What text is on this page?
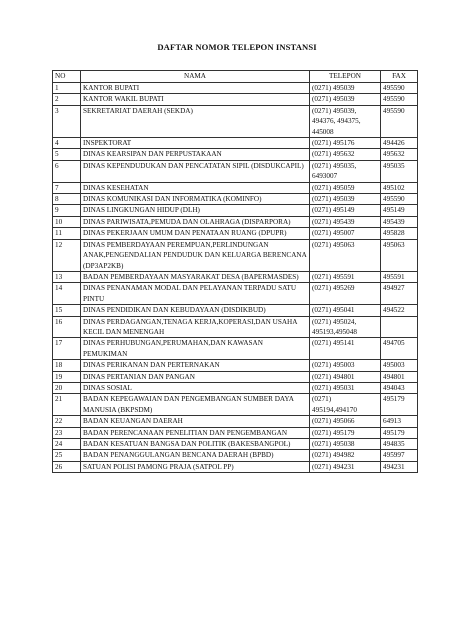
DAFTAR NOMOR TELEPON INSTANSI
NO	NAMA	TELEPON	FAX
1	KANTOR BUPATI	(0271) 495039	495590
2	KANTOR WAKIL BUPATI	(0271) 495039	495590
3	SEKRETARIAT DAERAH (SEKDA)	(0271) 495039,
494376, 494375,
445008	495590
4	INSPEKTORAT	(0271) 495176	494426
5	DINAS KEARSIPAN DAN PERPUSTAKAAN	(0271) 495632	495632
6	DINAS KEPENDUDUKAN DAN PENCATATAN SIPIL (DISDUKCAPIL)	(0271) 495035,
6493007	495035
7	DINAS KESEHATAN	(0271) 495059	495102
8	DINAS KOMUNIKASI DAN INFORMATIKA (KOMINFO)	(0271) 495039	495590
9	DINAS LINGKUNGAN HIDUP (DLH)	(0271) 495149	495149
10	DINAS PARIWISATA,PEMUDA DAN OLAHRAGA (DISPARPORA)	(0271) 495439	495439
11	DINAS PEKERJAAN UMUM DAN PENATAAN RUANG (DPUPR)	(0271) 495007	495828
12	DINAS PEMBERDAYAAN PEREMPUAN,PERLINDUNGAN ANAK,PENGENDALIAN PENDUDUK DAN KELUARGA BERENCANA (DP3AP2KB)	(0271) 495063	495063
13	BADAN PEMBERDAYAAN MASYARAKAT DESA (BAPERMASDES)	(0271) 495591	495591
14	DINAS PENANAMAN MODAL DAN PELAYANAN TERPADU SATU PINTU	(0271) 495269	494927
15	DINAS PENDIDIKAN DAN KEBUDAYAAN (DISDIKBUD)	(0271) 495041	494522
16	DINAS PERDAGANGAN,TENAGA KERJA,KOPERASI,DAN USAHA KECIL DAN MENENGAH	(0271) 495024,
495193,495048	

17	DINAS PERHUBUNGAN,PERUMAHAN,DAN KAWASAN PEMUKIMAN	(0271) 495141	494705
18	DINAS PERIKANAN DAN PERTERNAKAN	(0271) 495003	495003
19	DINAS PERTANIAN DAN PANGAN	(0271) 494801	494801
20	DINAS SOSIAL	(0271) 495031	494043
21	BADAN KEPEGAWAIAN DAN PENGEMBANGAN SUMBER DAYA MANUSIA (BKPSDM)	(0271)
495194,494170	495179
22	BADAN KEUANGAN DAERAH	(0271) 495066	64913
23	BADAN PERENCANAAN PENELITIAN DAN PENGEMBANGAN	(0271) 495179	495179
24	BADAN KESATUAN BANGSA DAN POLITIK (BAKESBANGPOL)	(0271) 495038	494835
25	BADAN PENANGGULANGAN BENCANA DAERAH (BPBD)	(0271) 494982	495997
26	SATUAN POLISI PAMONG PRAJA (SATPOL PP)	(0271) 494231	494231
